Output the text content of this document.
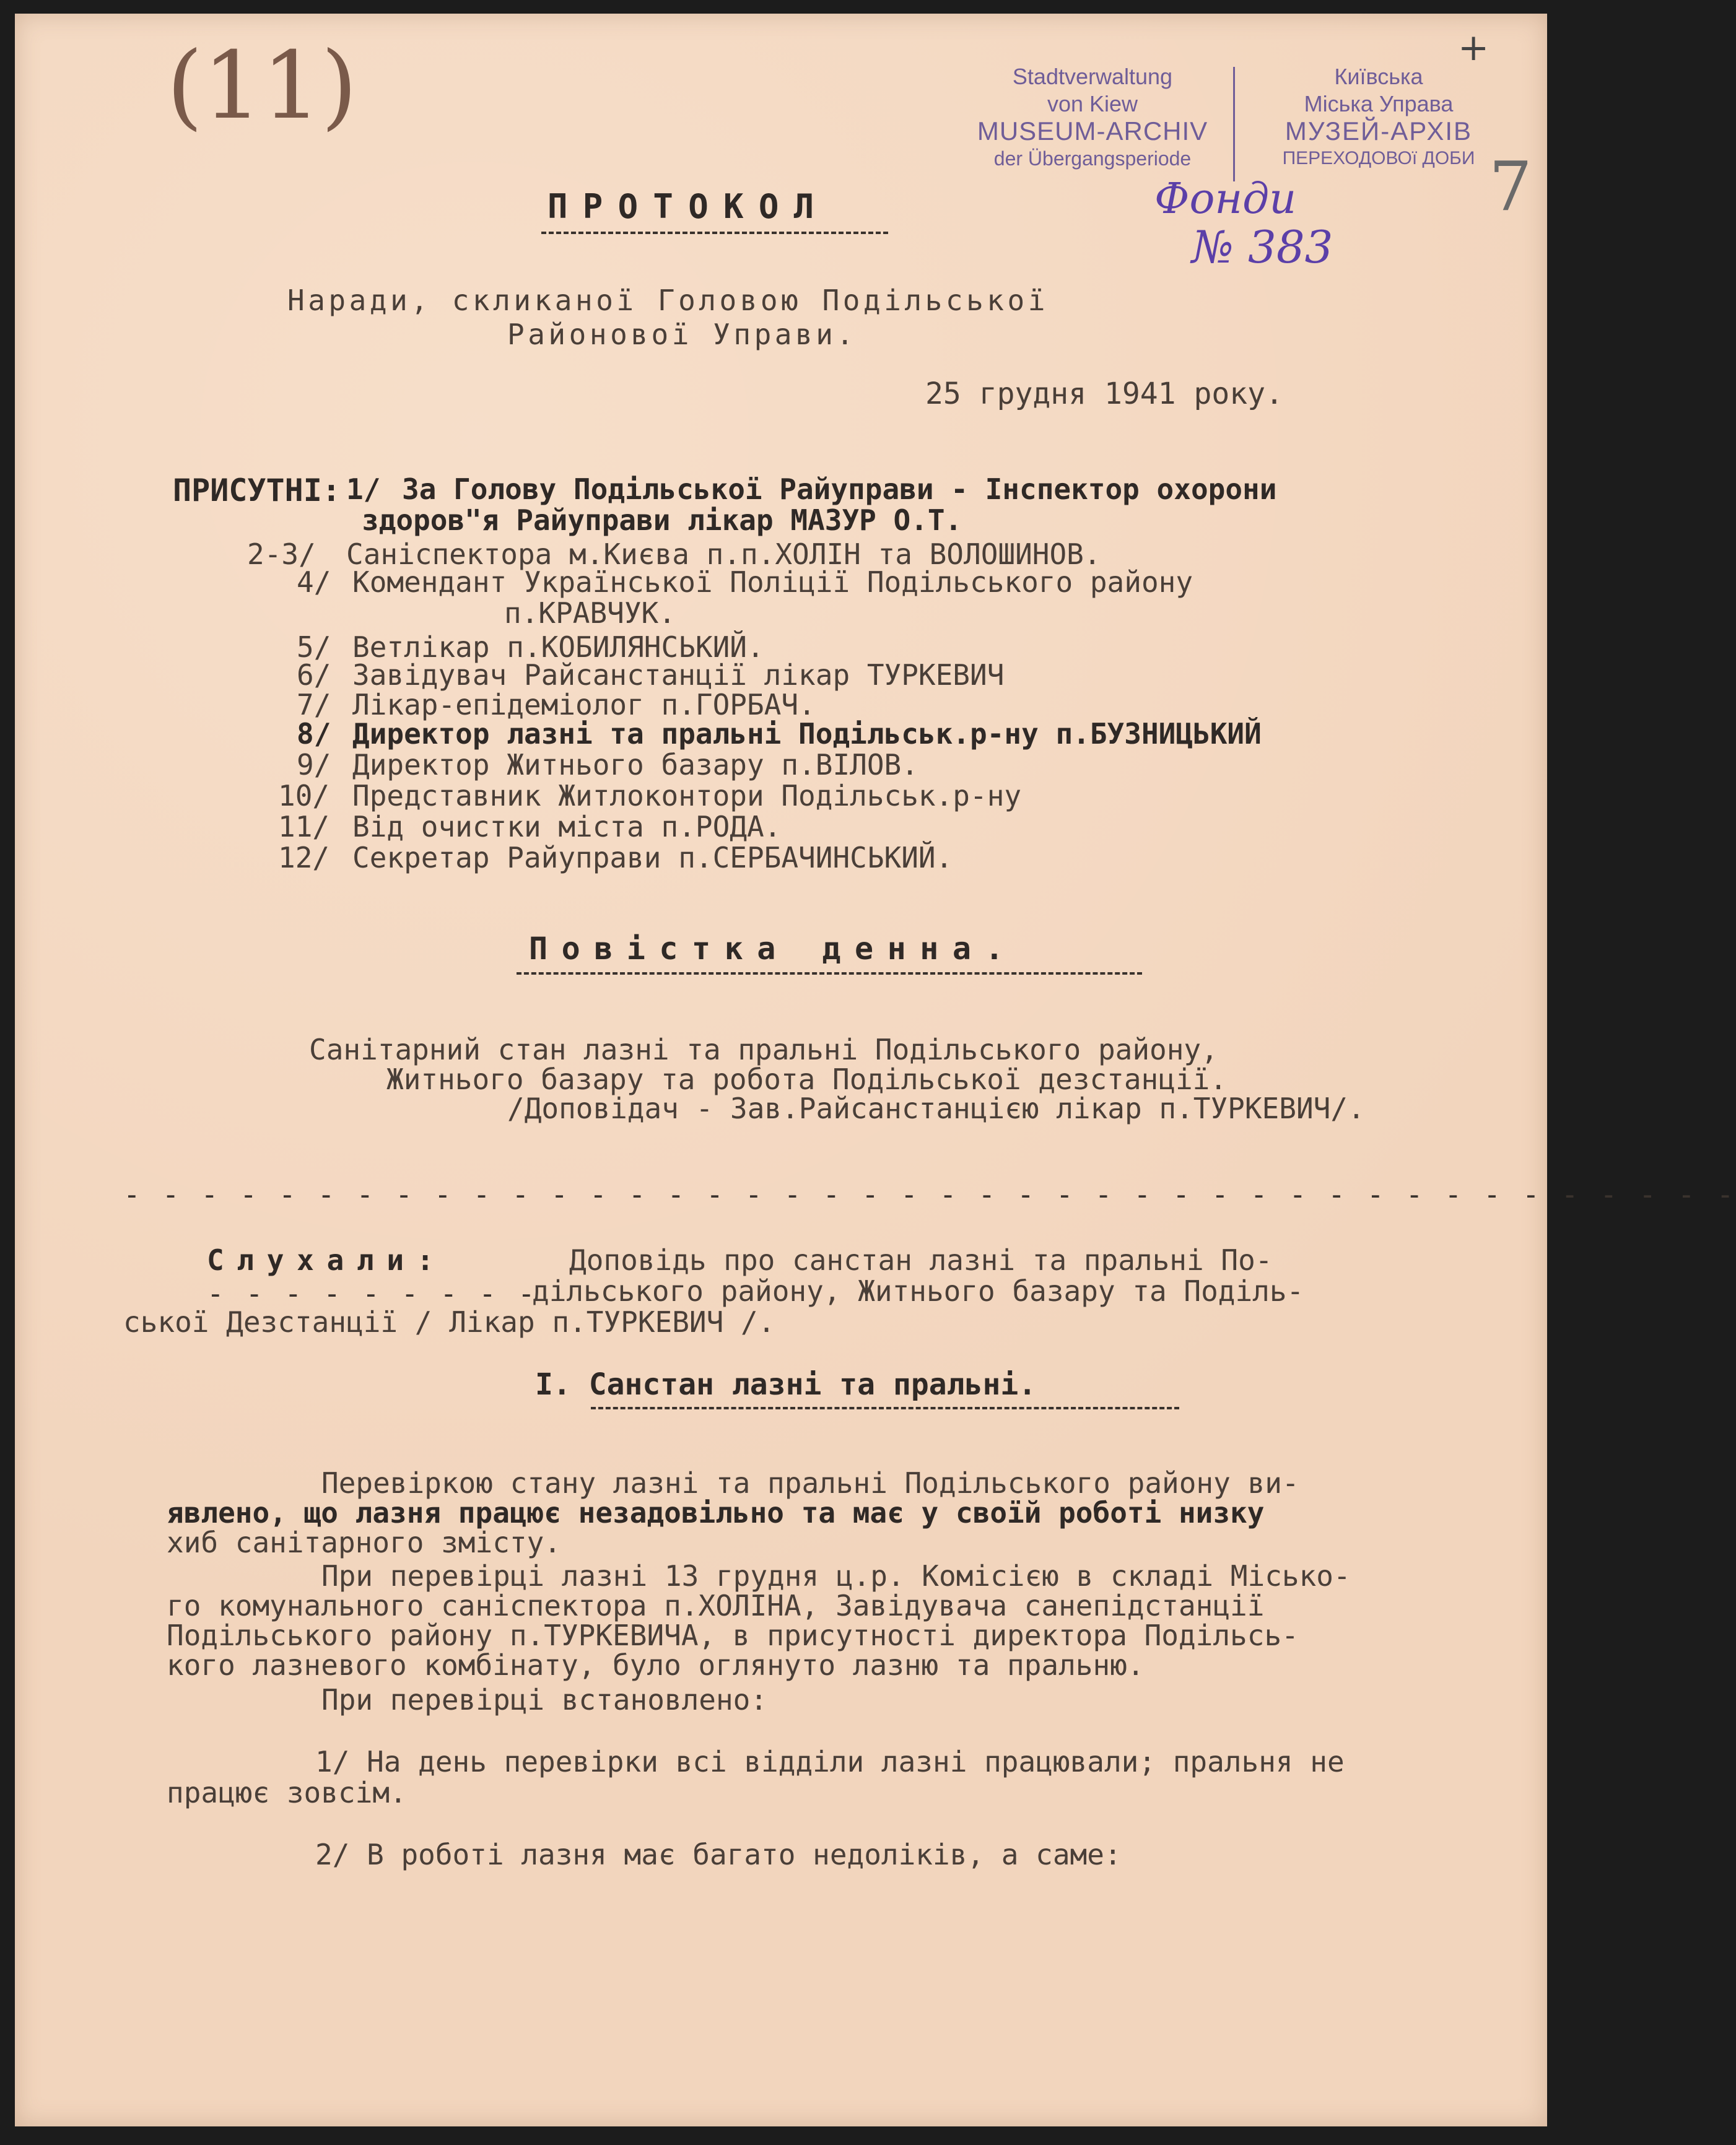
(11)	+
7
Stadtverwaltung
von Kiew
MUSEUM-ARCHIV
der Übergangsperiode
Київська
Міська Управа
МУЗЕЙ-АРХІВ
ПЕРЕХОДОВОї ДОБИ
Фонди
№ 383
ПРОТОКОЛ
Наради, скликаної Головою Подільської
Районової Управи.
25 грудня 1941 року.
ПРИСУТНІ: 1/ За Голову Подільської Райуправи - Інспектор охорони
здоров"я Райуправи лікар МАЗУР О.Т.
2-3/ Саніспектора м.Києва п.п.ХОЛІН та ВОЛОШИНОВ.
4/ Комендант Української Поліції Подільського району
п.КРАВЧУК.
5/ Ветлікар п.КОБИЛЯНСЬКИЙ.
6/ Завідувач Райсанстанції лікар ТУРКЕВИЧ
7/ Лікар-епідеміолог п.ГОРБАЧ.
8/ Директор лазні та пральні Подільськ.р-ну п.БУЗНИЦЬКИЙ
9/ Директор Житнього базару п.ВІЛОВ.
10/ Представник Житлоконтори Подільськ.р-ну
11/ Від очистки міста п.РОДА.
12/ Секретар Райуправи п.СЕРБАЧИНСЬКИЙ.
Повістка денна.
Санітарний стан лазні та пральні Подільського району,
Житнього базару та робота Подільської дезстанції.
/Доповідач - Зав.Райсанстанцією лікар п.ТУРКЕВИЧ/.
- - - - - - - - - - - - - - - - - - - - - - - - - - - - - - - - - - - - - - - - - -
Слухали:	Доповідь про санстан лазні та пральні По-
- - - - - - - - -
дільського району, Житнього базару та Поділь-
ської Дезстанції / Лікар п.ТУРКЕВИЧ /.
І. Санстан лазні та пральні.
Перевіркою стану лазні та пральні Подільського району ви-
явлено, що лазня працює незадовільно та має у своїй роботі низку
хиб санітарного змісту.
При перевірці лазні 13 грудня ц.р. Комісією в складі Місько-
го комунального саніспектора п.ХОЛІНА, Завідувача санепідстанції
Подільського району п.ТУРКЕВИЧА, в присутності директора Подільсь-
кого лазневого комбінату, було оглянуто лазню та пральню.
При перевірці встановлено:
1/ На день перевірки всі відділи лазні працювали; пральня не
працює зовсім.
2/ В роботі лазня має багато недоліків, а саме:
